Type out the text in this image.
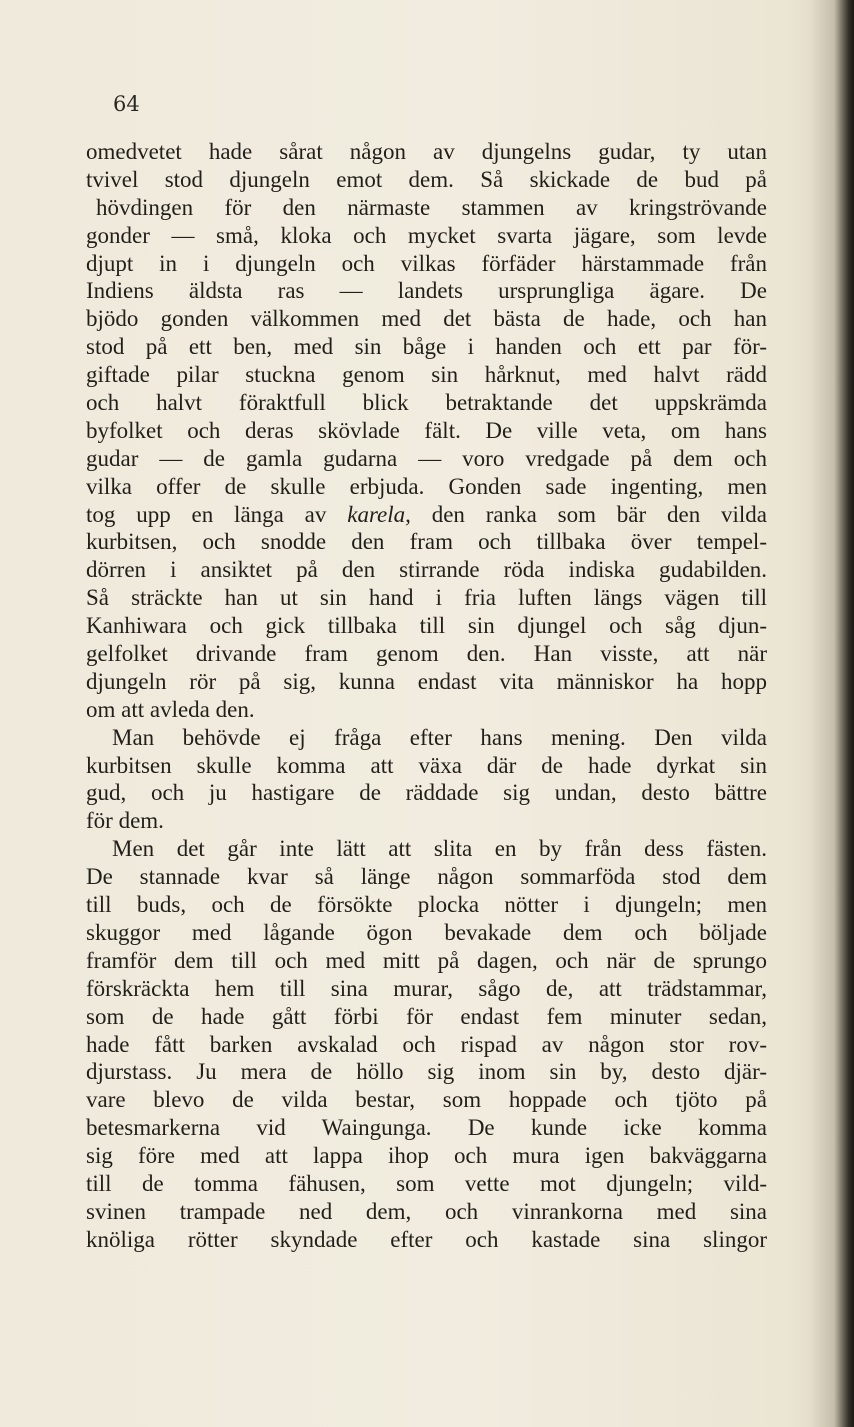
64
omedvetet hade sårat någon av djungelns gudar, ty utan
tvivel stod djungeln emot dem. Så skickade de bud på
hövdingen för den närmaste stammen av kringströvande
gonder — små, kloka och mycket svarta jägare, som levde
djupt in i djungeln och vilkas förfäder härstammade från
Indiens äldsta ras — landets ursprungliga ägare. De
bjödo gonden välkommen med det bästa de hade, och han
stod på ett ben, med sin båge i handen och ett par för-
giftade pilar stuckna genom sin hårknut, med halvt rädd
och halvt föraktfull blick betraktande det uppskrämda
byfolket och deras skövlade fält. De ville veta, om hans
gudar — de gamla gudarna — voro vredgade på dem och
vilka offer de skulle erbjuda. Gonden sade ingenting, men
tog upp en länga av karela, den ranka som bär den vilda
kurbitsen, och snodde den fram och tillbaka över tempel-
dörren i ansiktet på den stirrande röda indiska gudabilden.
Så sträckte han ut sin hand i fria luften längs vägen till
Kanhiwara och gick tillbaka till sin djungel och såg djun-
gelfolket drivande fram genom den. Han visste, att när
djungeln rör på sig, kunna endast vita människor ha hopp
om att avleda den.
Man behövde ej fråga efter hans mening. Den vilda
kurbitsen skulle komma att växa där de hade dyrkat sin
gud, och ju hastigare de räddade sig undan, desto bättre
för dem.
Men det går inte lätt att slita en by från dess fästen.
De stannade kvar så länge någon sommarföda stod dem
till buds, och de försökte plocka nötter i djungeln; men
skuggor med lågande ögon bevakade dem och böljade
framför dem till och med mitt på dagen, och när de sprungo
förskräckta hem till sina murar, sågo de, att trädstammar,
som de hade gått förbi för endast fem minuter sedan,
hade fått barken avskalad och rispad av någon stor rov-
djurstass. Ju mera de höllo sig inom sin by, desto djär-
vare blevo de vilda bestar, som hoppade och tjöto på
betesmarkerna vid Waingunga. De kunde icke komma
sig före med att lappa ihop och mura igen bakväggarna
till de tomma fähusen, som vette mot djungeln; vild-
svinen trampade ned dem, och vinrankorna med sina
knöliga rötter skyndade efter och kastade sina slingor
